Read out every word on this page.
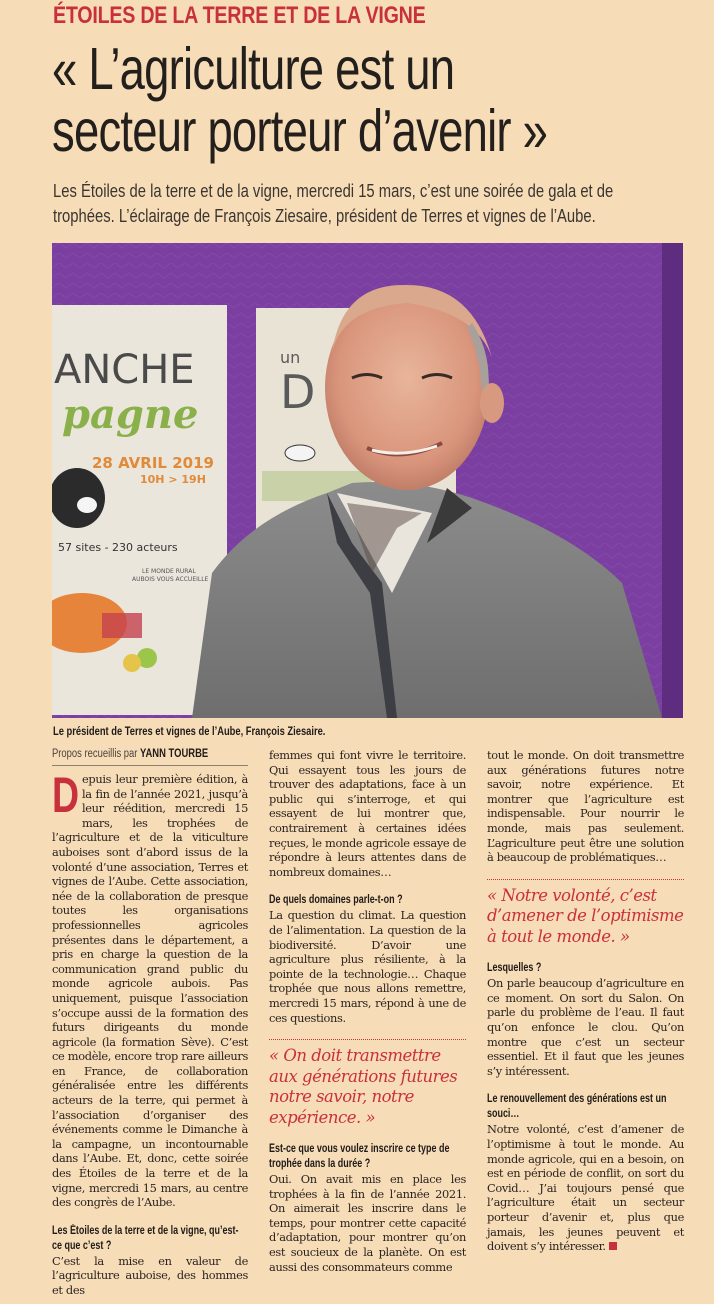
ÉTOILES DE LA TERRE ET DE LA VIGNE
« L’agriculture est un
secteur porteur d’avenir »

Les Étoiles de la terre et de la vigne, mercredi 15 mars, c’est une soirée de gala et de trophées. L’éclairage de François Ziesaire, président de Terres et vignes de l’Aube.

ANCHE
pagne
28 AVRIL 2019
10H > 19H
57 sites - 230 acteurs
LE MONDE RURAL
AUBOIS VOUS ACCUEILLE
un
D
Le président de Terres et vignes de l’Aube, François Ziesaire.
Propos recueillis par YANN TOURBE
Depuis leur première édition, à la fin de l’année 2021, jusqu’à leur réédition, mercredi 15 mars, les trophées de l’agriculture et de la viticulture auboises sont d’abord issus de la volonté d’une association, Terres et vignes de l’Aube. Cette association, née de la collaboration de presque toutes les organisations professionnelles agricoles présentes dans le département, a pris en charge la question de la communication grand public du monde agricole aubois. Pas uniquement, puisque l’association s’occupe aussi de la formation des futurs dirigeants du monde agricole (la formation Sève). C’est ce modèle, encore trop rare ailleurs en France, de collaboration généralisée entre les différents acteurs de la terre, qui permet à l’association d’organiser des événements comme le Dimanche à la campagne, un incontournable dans l’Aube. Et, donc, cette soirée des Étoiles de la terre et de la vigne, mercredi 15 mars, au centre des congrès de l’Aube.
Les Étoiles de la terre et de la vigne, qu’est-ce que c’est ?
C’est la mise en valeur de l’agriculture auboise, des hommes et des
femmes qui font vivre le territoire. Qui essayent tous les jours de trouver des adaptations, face à un public qui s’interroge, et qui essayent de lui montrer que, contrairement à certaines idées reçues, le monde agricole essaye de répondre à leurs attentes dans de nombreux domaines…
De quels domaines parle-t-on ?
La question du climat. La question de l’alimentation. La question de la biodiversité. D’avoir une agriculture plus résiliente, à la pointe de la technologie… Chaque trophée que nous allons remettre, mercredi 15 mars, répond à une de ces questions.
« On doit transmettre aux générations futures notre savoir, notre expérience. »
Est-ce que vous voulez inscrire ce type de trophée dans la durée ?
Oui. On avait mis en place les trophées à la fin de l’année 2021. On aimerait les inscrire dans le temps, pour montrer cette capacité d’adaptation, pour montrer qu’on est soucieux de la planète. On est aussi des consommateurs comme
tout le monde. On doit transmettre aux générations futures notre savoir, notre expérience. Et montrer que l’agriculture est indispensable. Pour nourrir le monde, mais pas seulement. L’agriculture peut être une solution à beaucoup de problématiques…
« Notre volonté, c’est d’amener de l’optimisme à tout le monde. »
Lesquelles ?
On parle beaucoup d’agriculture en ce moment. On sort du Salon. On parle du problème de l’eau. Il faut qu’on enfonce le clou. Qu’on montre que c’est un secteur essentiel. Et il faut que les jeunes s’y intéressent.
Le renouvellement des générations est un souci…
Notre volonté, c’est d’amener de l’optimisme à tout le monde. Au monde agricole, qui en a besoin, on est en période de conflit, on sort du Covid… J’ai toujours pensé que l’agriculture était un secteur porteur d’avenir et, plus que jamais, les jeunes peuvent et doivent s’y intéresser.
